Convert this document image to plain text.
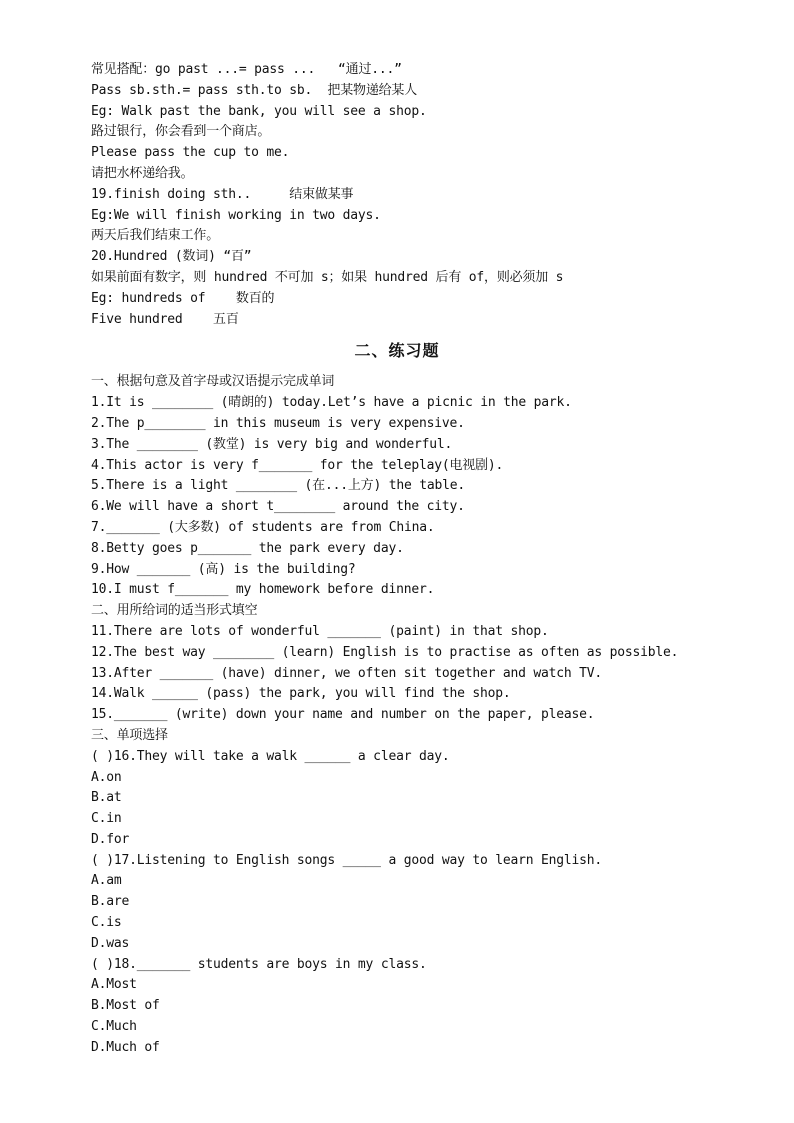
常见搭配：go past ...= pass ...   “通过...”
Pass sb.sth.= pass sth.to sb.  把某物递给某人
Eg: Walk past the bank, you will see a shop.
路过银行，你会看到一个商店。
Please pass the cup to me.
请把水杯递给我。
19.finish doing sth..     结束做某事
Eg:We will finish working in two days.
两天后我们结束工作。
20.Hundred (数词) “百”
如果前面有数字，则 hundred 不可加 s；如果 hundred 后有 of，则必须加 s
Eg: hundreds of    数百的
Five hundred    五百
二、练习题
一、根据句意及首字母或汉语提示完成单词
1.It is ________ (晴朗的) today.Let’s have a picnic in the park.
2.The p________ in this museum is very expensive.
3.The ________ (教堂) is very big and wonderful.
4.This actor is very f_______ for the teleplay(电视剧).
5.There is a light ________ (在...上方) the table.
6.We will have a short t________ around the city.
7._______ (大多数) of students are from China.
8.Betty goes p_______ the park every day.
9.How _______ (高) is the building?
10.I must f_______ my homework before dinner.
二、用所给词的适当形式填空
11.There are lots of wonderful _______ (paint) in that shop.
12.The best way ________ (learn) English is to practise as often as possible.
13.After _______ (have) dinner, we often sit together and watch TV.
14.Walk ______ (pass) the park, you will find the shop.
15._______ (write) down your name and number on the paper, please.
三、单项选择
( )16.They will take a walk ______ a clear day.
A.on
B.at
C.in
D.for
( )17.Listening to English songs _____ a good way to learn English.
A.am
B.are
C.is
D.was
( )18._______ students are boys in my class.
A.Most
B.Most of
C.Much
D.Much of
